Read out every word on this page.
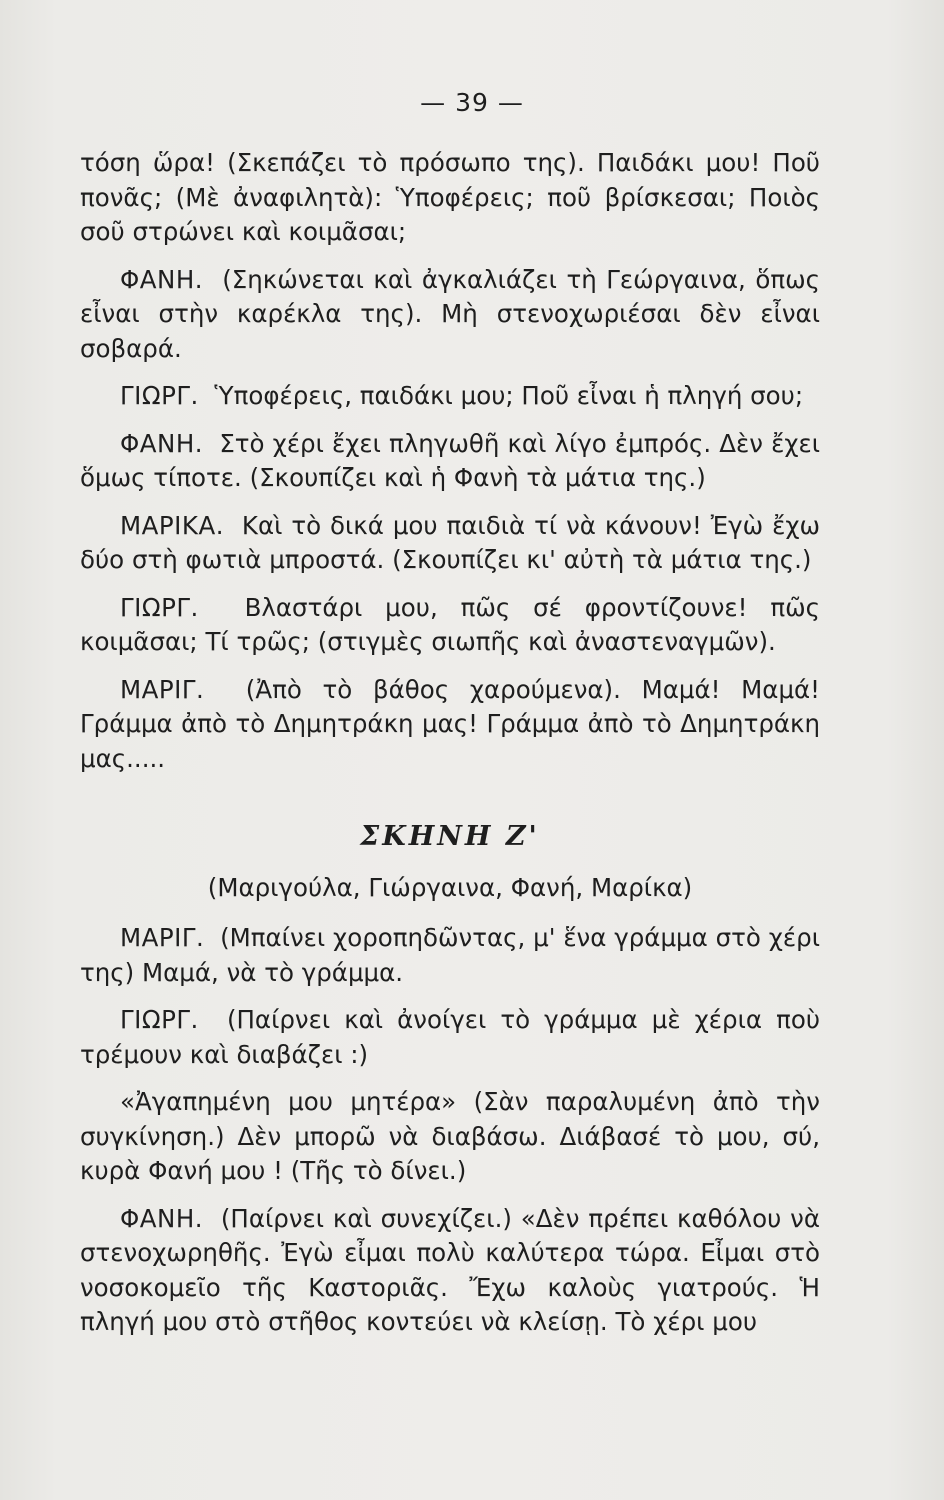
— 39 —

τόση ὥρα! (Σκεπάζει τὸ πρόσωπο της). Παιδάκι μου! Ποῦ πονᾶς; (Μὲ ἀναφιλητὰ): Ὑποφέρεις; ποῦ βρίσκεσαι; Ποιὸς σοῦ στρώνει καὶ κοιμᾶσαι;

ΦΑΝΗ. (Σηκώνεται καὶ ἀγκαλιάζει τὴ Γεώργαινα, ὅπως εἶναι στὴν καρέκλα της). Μὴ στενοχωριέσαι δὲν εἶναι σοβαρά.

ΓΙΩΡΓ. Ὑποφέρεις, παιδάκι μου; Ποῦ εἶναι ἡ πληγή σου;

ΦΑΝΗ. Στὸ χέρι ἔχει πληγωθῆ καὶ λίγο ἐμπρός. Δὲν ἔχει ὅμως τίποτε. (Σκουπίζει καὶ ἡ Φανὴ τὰ μάτια της.)

ΜΑΡΙΚΑ. Καὶ τὸ δικά μου παιδιὰ τί νὰ κάνουν! Ἐγὼ ἔχω δύο στὴ φωτιὰ μπροστά. (Σκουπίζει κι' αὐτὴ τὰ μάτια της.)

ΓΙΩΡΓ. Βλαστάρι μου, πῶς σέ φροντίζουνε! πῶς κοιμᾶσαι; Τί τρῶς; (στιγμὲς σιωπῆς καὶ ἀναστεναγμῶν).

ΜΑΡΙΓ. (Ἀπὸ τὸ βάθος χαρούμενα). Μαμά! Μαμά! Γράμμα ἀπὸ τὸ Δημητράκη μας! Γράμμα ἀπὸ τὸ Δημητράκη μας.....

ΣΚΗΝΗ Ζ'
(Μαριγούλα, Γιώργαινα, Φανή, Μαρίκα)

ΜΑΡΙΓ. (Μπαίνει χοροπηδῶντας, μ' ἕνα γράμμα στὸ χέρι της) Μαμά, νὰ τὸ γράμμα.

ΓΙΩΡΓ. (Παίρνει καὶ ἀνοίγει τὸ γράμμα μὲ χέρια ποὺ τρέμουν καὶ διαβάζει :)

«Ἀγαπημένη μου μητέρα» (Σὰν παραλυμένη ἀπὸ τὴν συγκίνηση.) Δὲν μπορῶ νὰ διαβάσω. Διάβασέ τὸ μου, σύ, κυρὰ Φανή μου ! (Τῆς τὸ δίνει.)

ΦΑΝΗ. (Παίρνει καὶ συνεχίζει.) «Δὲν πρέπει καθόλου νὰ στενοχωρηθῆς. Ἐγὼ εἶμαι πολὺ καλύτερα τώρα. Εἶμαι στὸ νοσοκομεῖο τῆς Καστοριᾶς. Ἔχω καλοὺς γιατρούς. Ἡ πληγή μου στὸ στῆθος κοντεύει νὰ κλείσῃ. Τὸ χέρι μου
